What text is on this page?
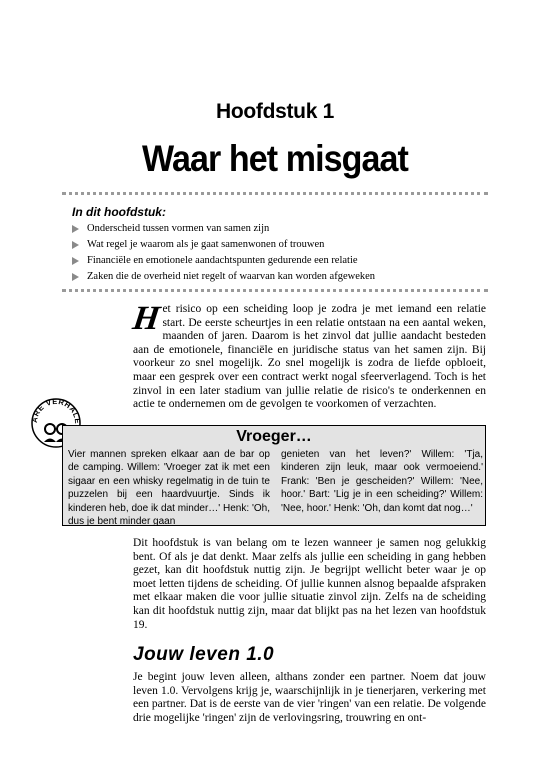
Hoofdstuk 1
Waar het misgaat
In dit hoofdstuk:
Onderscheid tussen vormen van samen zijn
Wat regel je waarom als je gaat samenwonen of trouwen
Financiële en emotionele aandachtspunten gedurende een relatie
Zaken die de overheid niet regelt of waarvan kan worden afgeweken

Het risico op een scheiding loop je zodra je met iemand een relatie start. De eerste scheurtjes in een relatie ontstaan na een aantal weken, maanden of jaren. Daarom is het zinvol dat jullie aandacht besteden aan de emotionele, financiële en juridische status van het samen zijn. Bij voorkeur zo snel mogelijk. Zo snel mogelijk is zodra de liefde opbloeit, maar een gesprek over een contract werkt nogal sfeerverlagend. Toch is het zinvol in een later stadium van jullie relatie de risico's te onderkennen en actie te ondernemen om de gevolgen te voorkomen of verzachten.

ARE VERHALE
Vroeger…

Vier mannen spreken elkaar aan de bar op de camping. Willem: 'Vroeger zat ik met een sigaar en een whisky regelmatig in de tuin te puzzelen bij een haardvuurtje. Sinds ik kinderen heb, doe ik dat minder…' Henk: 'Oh, dus je bent minder gaan

genieten van het leven?' Willem: 'Tja, kinderen zijn leuk, maar ook vermoeiend.' Frank: 'Ben je gescheiden?' Willem: 'Nee, hoor.' Bart: 'Lig je in een scheiding?' Willem: 'Nee, hoor.' Henk: 'Oh, dan komt dat nog…'

Dit hoofdstuk is van belang om te lezen wanneer je samen nog gelukkig bent. Of als je dat denkt. Maar zelfs als jullie een scheiding in gang hebben gezet, kan dit hoofdstuk nuttig zijn. Je begrijpt wellicht beter waar je op moet letten tijdens de scheiding. Of jullie kunnen alsnog bepaalde afspraken met elkaar maken die voor jullie situatie zinvol zijn. Zelfs na de scheiding kan dit hoofdstuk nuttig zijn, maar dat blijkt pas na het lezen van hoofdstuk 19.

Jouw leven 1.0

Je begint jouw leven alleen, althans zonder een partner. Noem dat jouw leven 1.0. Vervolgens krijg je, waarschijnlijk in je tienerjaren, verkering met een partner. Dat is de eerste van de vier 'ringen' van een relatie. De volgende drie mogelijke 'ringen' zijn de verlovingsring, trouwring en ont-
